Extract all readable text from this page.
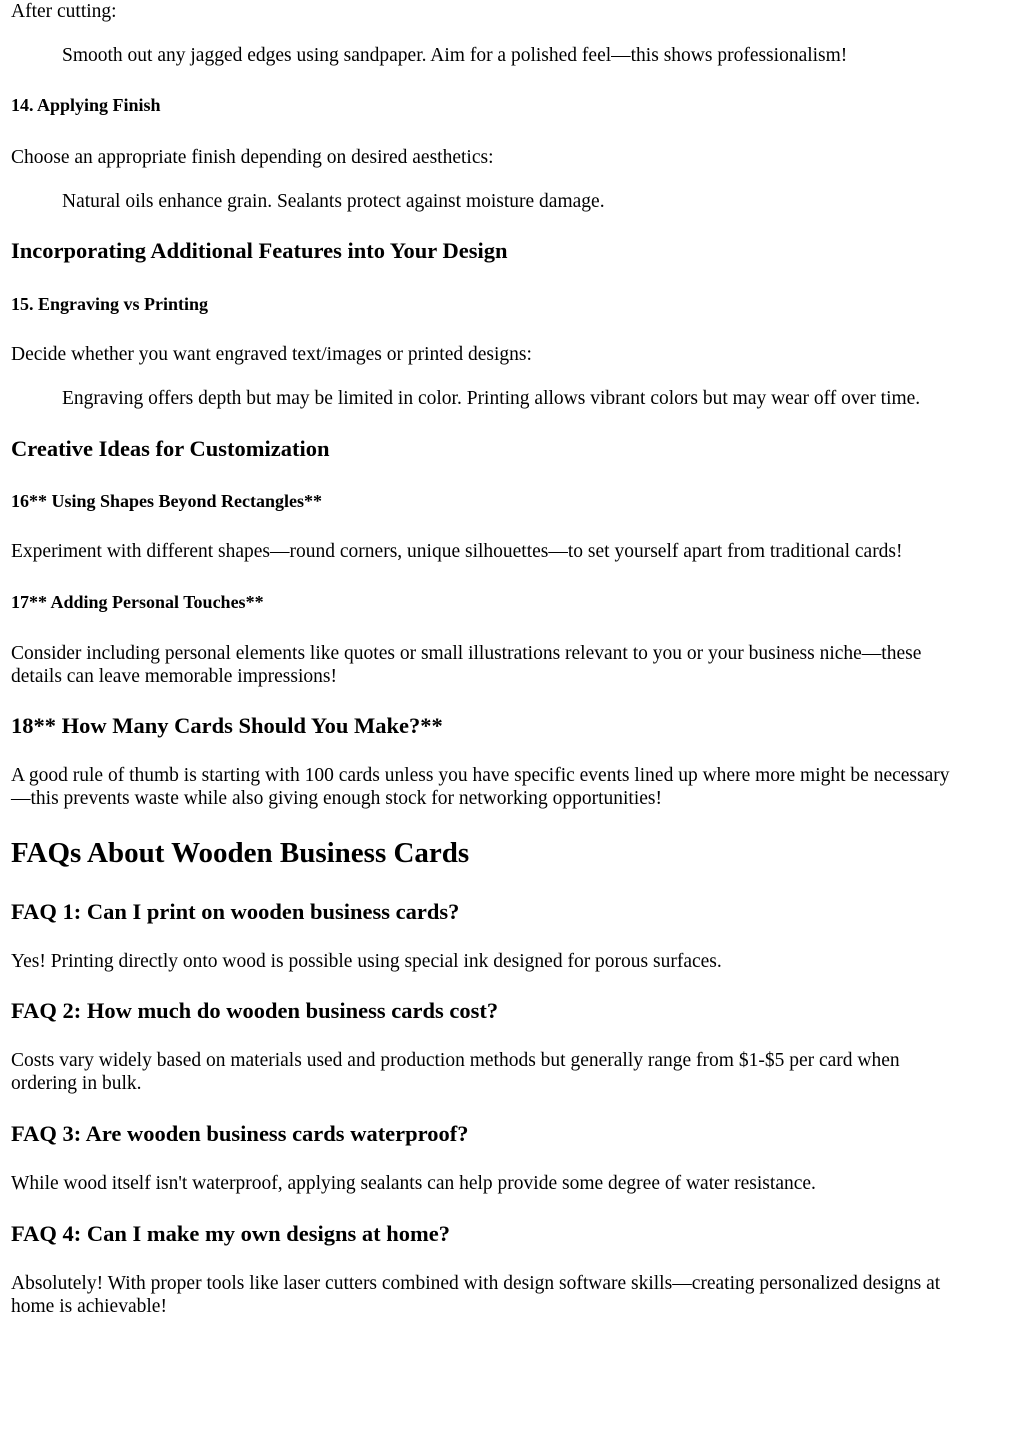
After cutting:

Smooth out any jagged edges using sandpaper. Aim for a polished feel—this shows professionalism!

14. Applying Finish

Choose an appropriate finish depending on desired aesthetics:

Natural oils enhance grain. Sealants protect against moisture damage.

Incorporating Additional Features into Your Design
15. Engraving vs Printing

Decide whether you want engraved text/images or printed designs:

Engraving offers depth but may be limited in color. Printing allows vibrant colors but may wear off over time.

Creative Ideas for Customization
16** Using Shapes Beyond Rectangles**

Experiment with different shapes—round corners, unique silhouettes—to set yourself apart from traditional cards!

17** Adding Personal Touches**

Consider including personal elements like quotes or small illustrations relevant to you or your business niche—these

details can leave memorable impressions!

18** How Many Cards Should You Make?**

A good rule of thumb is starting with 100 cards unless you have specific events lined up where more might be necessary

—this prevents waste while also giving enough stock for networking opportunities!

FAQs About Wooden Business Cards
FAQ 1: Can I print on wooden business cards?

Yes! Printing directly onto wood is possible using special ink designed for porous surfaces.

FAQ 2: How much do wooden business cards cost?

Costs vary widely based on materials used and production methods but generally range from $1-$5 per card when

ordering in bulk.

FAQ 3: Are wooden business cards waterproof?

While wood itself isn't waterproof, applying sealants can help provide some degree of water resistance.

FAQ 4: Can I make my own designs at home?

Absolutely! With proper tools like laser cutters combined with design software skills—creating personalized designs at

home is achievable!
